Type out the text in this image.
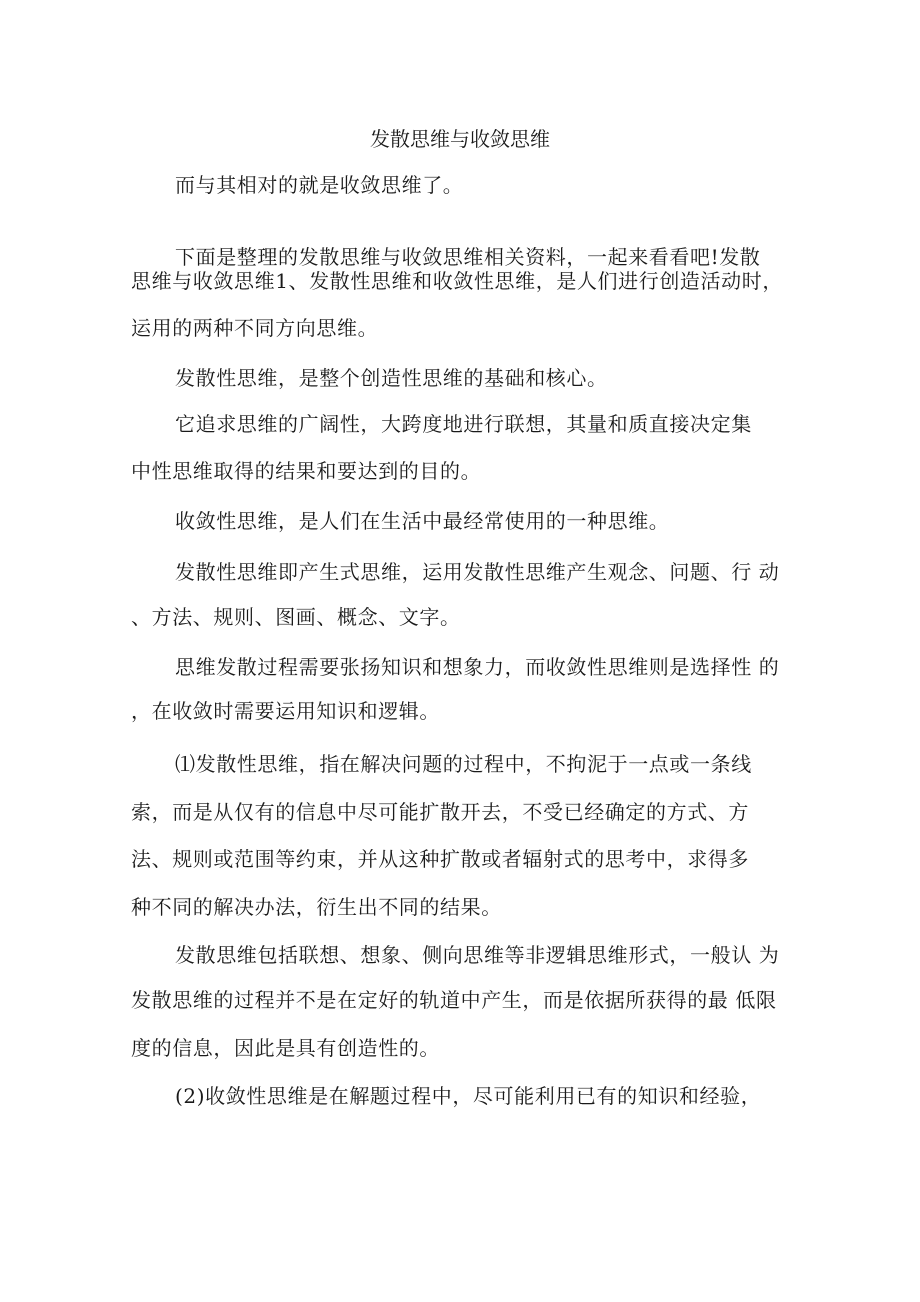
发散思维与收敛思维
而与其相对的就是收敛思维了。
下面是整理的发散思维与收敛思维相关资料，一起来看看吧!发散
思维与收敛思维1、发散性思维和收敛性思维，是人们进行创造活动时，
运用的两种不同方向思维。
发散性思维，是整个创造性思维的基础和核心。
它追求思维的广阔性，大跨度地进行联想，其量和质直接决定集
中性思维取得的结果和要达到的目的。
收敛性思维，是人们在生活中最经常使用的一种思维。
发散性思维即产生式思维，运用发散性思维产生观念、问题、行 动
、方法、规则、图画、概念、文字。
思维发散过程需要张扬知识和想象力，而收敛性思维则是选择性 的
，在收敛时需要运用知识和逻辑。
⑴发散性思维，指在解决问题的过程中，不拘泥于一点或一条线
索，而是从仅有的信息中尽可能扩散开去，不受已经确定的方式、方
法、规则或范围等约束，并从这种扩散或者辐射式的思考中，求得多
种不同的解决办法，衍生出不同的结果。
发散思维包括联想、想象、侧向思维等非逻辑思维形式，一般认 为
发散思维的过程并不是在定好的轨道中产生，而是依据所获得的最 低限
度的信息，因此是具有创造性的。
(2)收敛性思维是在解题过程中，尽可能利用已有的知识和经验，
